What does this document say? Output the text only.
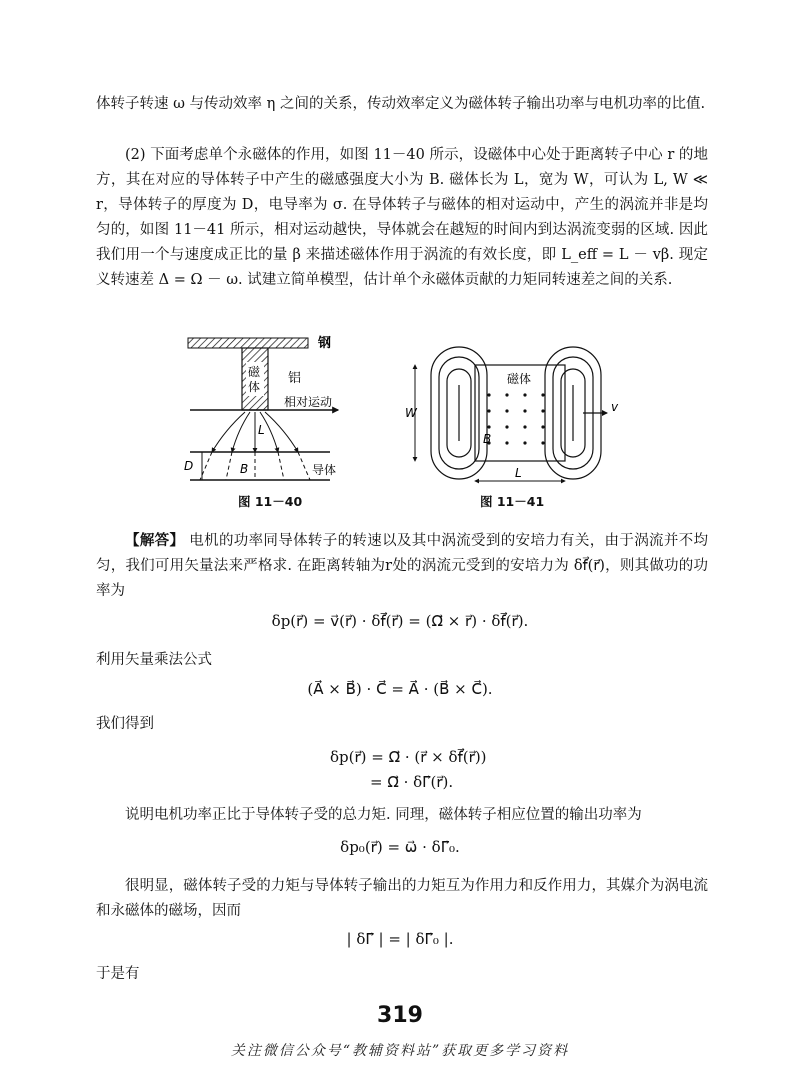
体转子转速 ω 与传动效率 η 之间的关系，传动效率定义为磁体转子输出功率与电机功率的比值.

(2) 下面考虑单个永磁体的作用，如图 11－40 所示，设磁体中心处于距离转子中心 r 的地方，其在对应的导体转子中产生的磁感强度大小为 B. 磁体长为 L，宽为 W，可认为 L, W ≪ r，导体转子的厚度为 D，电导率为 σ. 在导体转子与磁体的相对运动中，产生的涡流并非是均匀的，如图 11－41 所示，相对运动越快，导体就会在越短的时间内到达涡流变弱的区域. 因此我们用一个与速度成正比的量 β 来描述磁体作用于涡流的有效长度，即 L_eff = L － vβ. 现定义转速差 Δ = Ω － ω. 试建立简单模型，估计单个永磁体贡献的力矩同转速差之间的关系.

钢
磁
体
铝
相对运动
L
D	B	导体
图 11－40
磁体
W
B
L
v
图 11－41

【解答】 电机的功率同导体转子的转速以及其中涡流受到的安培力有关，由于涡流并不均匀，我们可用矢量法来严格求. 在距离转轴为r处的涡流元受到的安培力为 δf⃗(r⃗)，则其做功的功率为

δp(r⃗) = v⃗(r⃗) · δf⃗(r⃗) = (Ω⃗ × r⃗) · δf⃗(r⃗).

利用矢量乘法公式

(A⃗ × B⃗) · C⃗ = A⃗ · (B⃗ × C⃗).

我们得到

δp(r⃗) = Ω⃗ · (r⃗ × δf⃗(r⃗))
= Ω⃗ · δΓ⃗(r⃗).

说明电机功率正比于导体转子受的总力矩. 同理，磁体转子相应位置的输出功率为

δp₀(r⃗) = ω⃗ · δΓ⃗₀.

很明显，磁体转子受的力矩与导体转子输出的力矩互为作用力和反作用力，其媒介为涡电流和永磁体的磁场，因而

| δΓ⃗ | = | δΓ⃗₀ |.

于是有

319
关注微信公众号“教辅资料站”获取更多学习资料
